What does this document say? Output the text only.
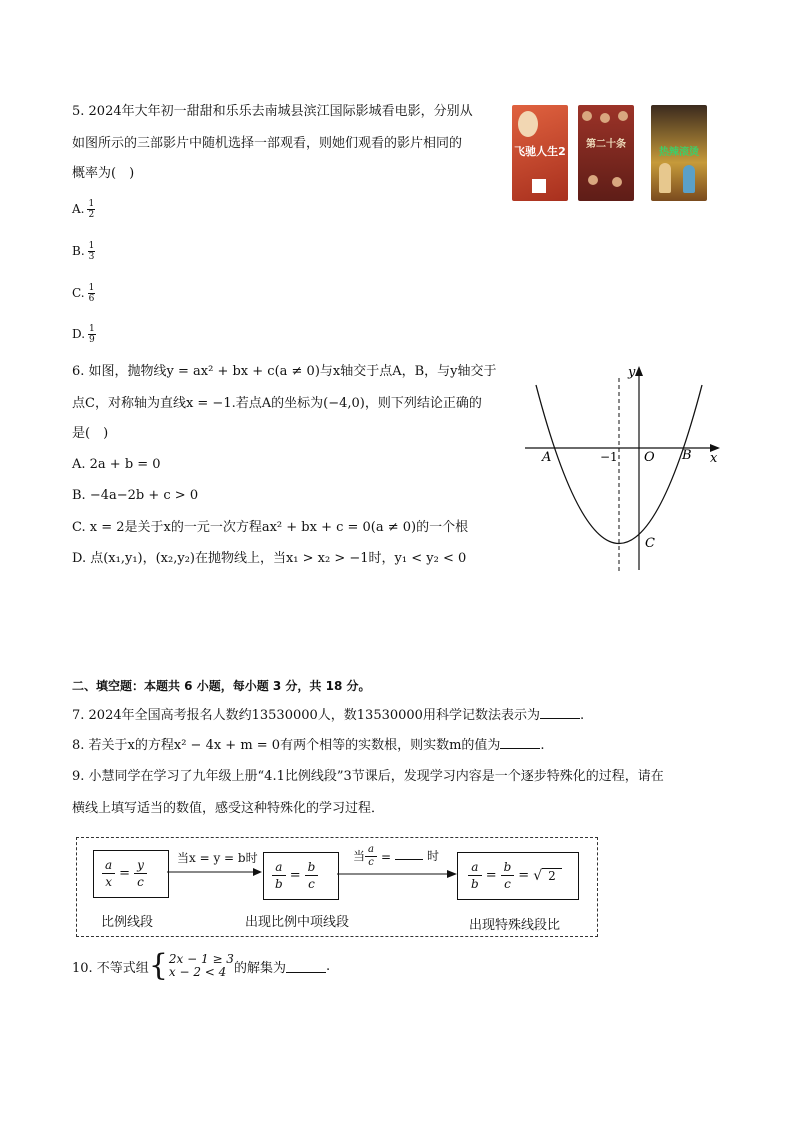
5. 2024年大年初一甜甜和乐乐去南城县滨江国际影城看电影，分别从
如图所示的三部影片中随机选择一部观看，则她们观看的影片相同的
概率为(　)
A. $\frac{1}{2}$
B. $\frac{1}{3}$
C. $\frac{1}{6}$
D. $\frac{1}{9}$
飞驰人生2
第二十条
热辣滚烫
6. 如图，抛物线y = ax² + bx + c(a ≠ 0)与x轴交于点A，B，与y轴交于
点C，对称轴为直线x = −1.若点A的坐标为(−4,0)，则下列结论正确的
是(　)
A. 2a + b = 0
B. −4a−2b + c > 0
C. x = 2是关于x的一元一次方程ax² + bx + c = 0(a ≠ 0)的一个根
D. 点(x₁,y₁)，(x₂,y₂)在抛物线上，当x₁ > x₂ > −1时，y₁ < y₂ < 0
A	B
C
O
−1	x
y
二、填空题：本题共 6 小题，每小题 3 分，共 18 分。
7. 2024年全国高考报名人数约13530000人，数13530000用科学记数法表示为	.
8. 若关于x的方程x² − 4x + m = 0有两个相等的实数根，则实数m的值为	.
9. 小慧同学在学习了九年级上册“4.1比例线段”3节课后，发现学习内容是一个逐步特殊化的过程，请在
横线上填写适当的数值，感受这种特殊化的学习过程．
$\frac{a}{x} = \frac{y}{c}$	当x = y = b时
$\frac{a}{b} = \frac{b}{c}$
当 $\frac{a}{c}$ =	时
$\frac{a}{b} = \frac{b}{c}$ = √ 2
比例线段	出现比例中项线段	出现特殊线段比
10. 不等式组{ 2x − 1 ≥ 3
x − 2 < 4 的解集为	.
